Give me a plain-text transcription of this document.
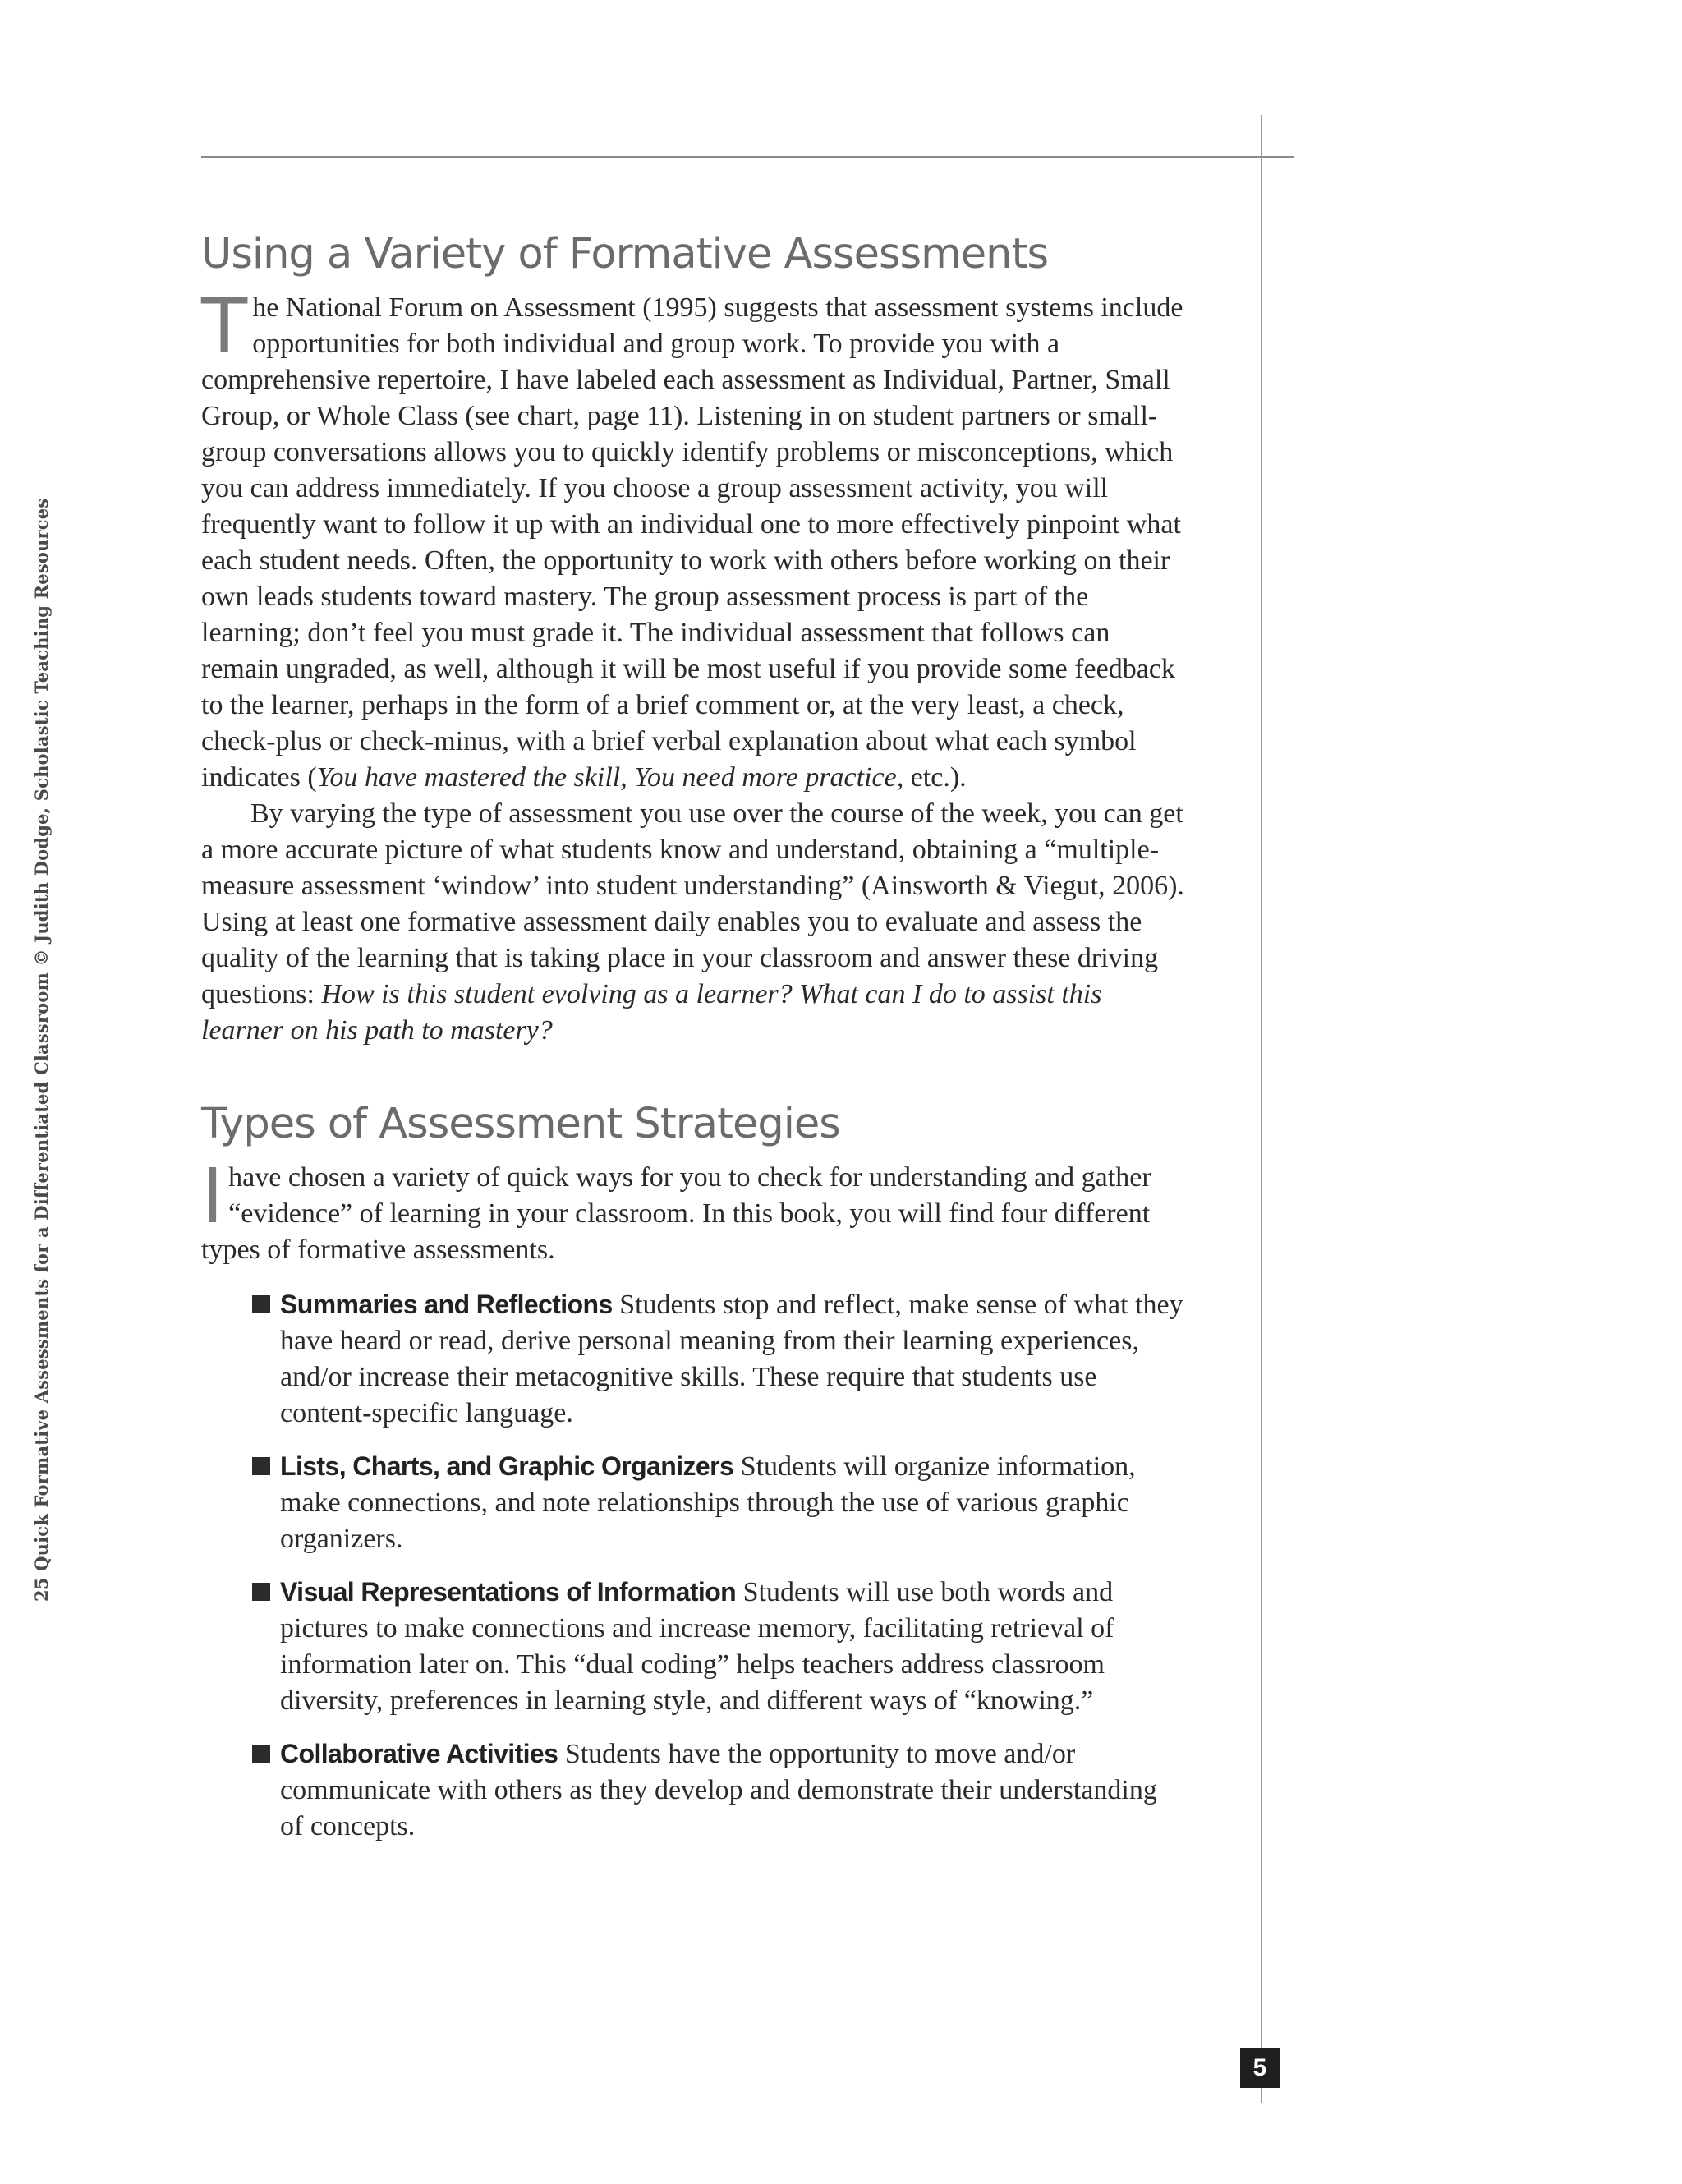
25 Quick Formative Assessments for a Differentiated Classroom © Judith Dodge, Scholastic Teaching Resources
Using a Variety of Formative Assessments

The National Forum on Assessment (1995) suggests that assessment systems include opportunities for both individual and group work. To provide you with a comprehensive repertoire, I have labeled each assessment as Individual, Partner, Small Group, or Whole Class (see chart, page 11). Listening in on student partners or small-group conversations allows you to quickly identify problems or misconceptions, which you can address immediately. If you choose a group assessment activity, you will frequently want to follow it up with an individual one to more effectively pinpoint what each student needs. Often, the opportunity to work with others before working on their own leads students toward mastery. The group assessment process is part of the learning; don’t feel you must grade it. The individual assessment that follows can remain ungraded, as well, although it will be most useful if you provide some feedback to the learner, perhaps in the form of a brief comment or, at the very least, a check, check-plus or check-minus, with a brief verbal explanation about what each symbol indicates (You have mastered the skill, You need more practice, etc.).

By varying the type of assessment you use over the course of the week, you can get a more accurate picture of what students know and understand, obtaining a “multiple-measure assessment ‘window’ into student understanding” (Ainsworth & Viegut, 2006). Using at least one formative assessment daily enables you to evaluate and assess the quality of the learning that is taking place in your classroom and answer these driving questions: How is this student evolving as a learner? What can I do to assist this learner on his path to mastery?

Types of Assessment Strategies

Ihave chosen a variety of quick ways for you to check for understanding and gather “evidence” of learning in your classroom. In this book, you will find four different types of formative assessments.

Summaries and Reflections Students stop and reflect, make sense of what they have heard or read, derive personal meaning from their learning experiences, and/or increase their metacognitive skills. These require that students use content-specific language.
Lists, Charts, and Graphic Organizers Students will organize information, make connections, and note relationships through the use of various graphic organizers.
Visual Representations of Information Students will use both words and pictures to make connections and increase memory, facilitating retrieval of information later on. This “dual coding” helps teachers address classroom diversity, preferences in learning style, and different ways of “knowing.”
Collaborative Activities Students have the opportunity to move and/or communicate with others as they develop and demonstrate their understanding of concepts.
5
